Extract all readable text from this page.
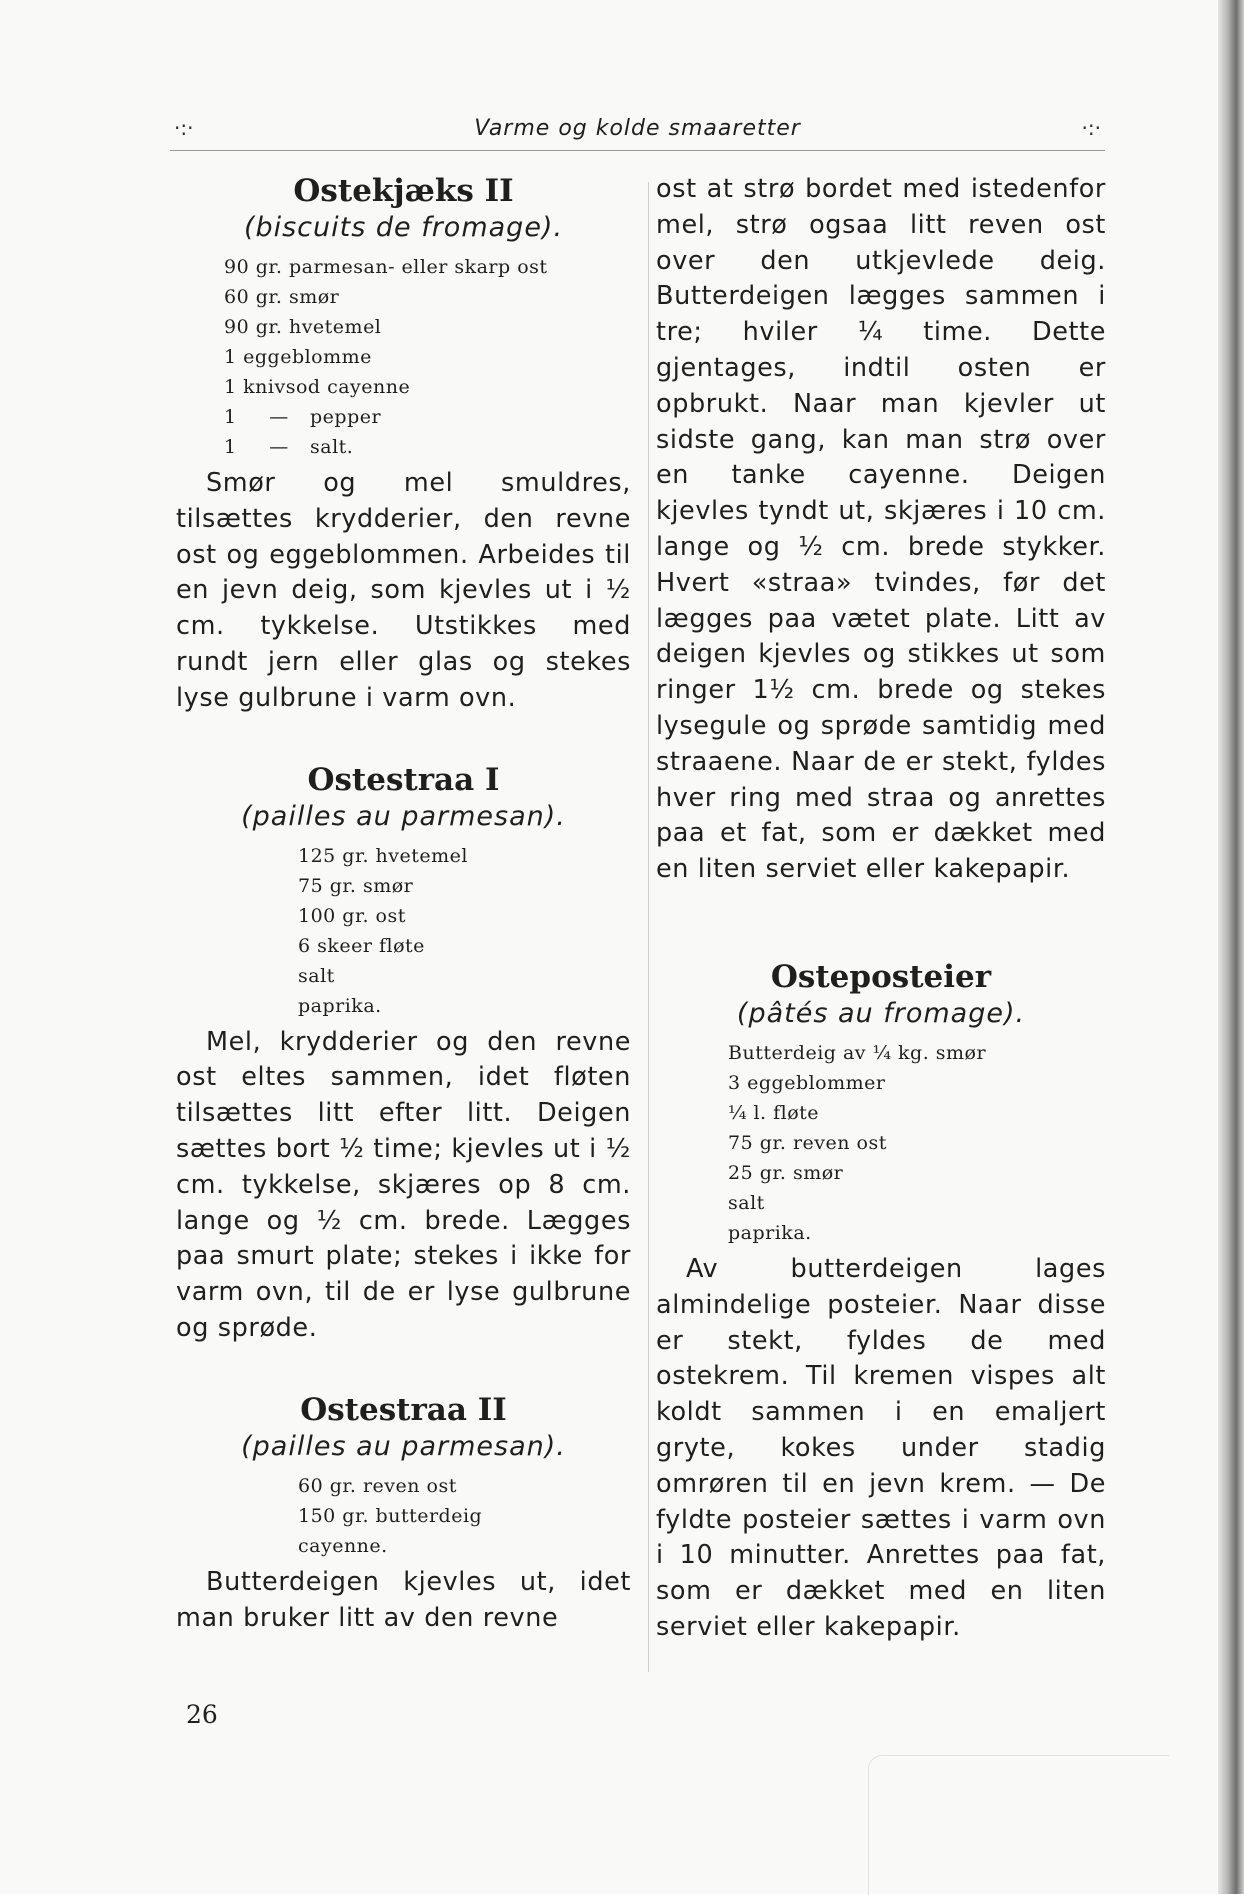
·:·	Varme og kolde smaaretter	·:·
Ostekjæks II
(biscuits de fromage).
90 gr. parmesan- eller skarp ost
60 gr. smør
90 gr. hvetemel
1 eggeblomme
1 knivsod cayenne
1	—	pepper
1	—	salt.

Smør og mel smuldres, tilsættes krydderier, den revne ost og eggeblommen. Arbeides til en jevn deig, som kjevles ut i ½ cm. tykkelse. Utstikkes med rundt jern eller glas og stekes lyse gulbrune i varm ovn.

Ostestraa I
(pailles au parmesan).
125 gr. hvetemel
75 gr. smør
100 gr. ost
6 skeer fløte
salt
paprika.

Mel, krydderier og den revne ost eltes sammen, idet fløten tilsættes litt efter litt. Deigen sættes bort ½ time; kjevles ut i ½ cm. tykkelse, skjæres op 8 cm. lange og ½ cm. brede. Lægges paa smurt plate; stekes i ikke for varm ovn, til de er lyse gulbrune og sprøde.

Ostestraa II
(pailles au parmesan).
60 gr. reven ost
150 gr. butterdeig
cayenne.

Butterdeigen kjevles ut, idet man bruker litt av den revne

ost at strø bordet med istedenfor mel, strø ogsaa litt reven ost over den utkjevlede deig. Butterdeigen lægges sammen i tre; hviler ¼ time. Dette gjentages, indtil osten er opbrukt. Naar man kjevler ut sidste gang, kan man strø over en tanke cayenne. Deigen kjevles tyndt ut, skjæres i 10 cm. lange og ½ cm. brede stykker. Hvert «straa» tvindes, før det lægges paa vætet plate. Litt av deigen kjevles og stikkes ut som ringer 1½ cm. brede og stekes lysegule og sprøde samtidig med straaene. Naar de er stekt, fyldes hver ring med straa og anrettes paa et fat, som er dækket med en liten serviet eller kakepapir.

Osteposteier
(pâtés au fromage).
Butterdeig av ¼ kg. smør
3 eggeblommer
¼ l. fløte
75 gr. reven ost
25 gr. smør
salt
paprika.

Av butterdeigen lages almindelige posteier. Naar disse er stekt, fyldes de med ostekrem. Til kremen vispes alt koldt sammen i en emaljert gryte, kokes under stadig omrøren til en jevn krem. — De fyldte posteier sættes i varm ovn i 10 minutter. Anrettes paa fat, som er dækket med en liten serviet eller kakepapir.

26
